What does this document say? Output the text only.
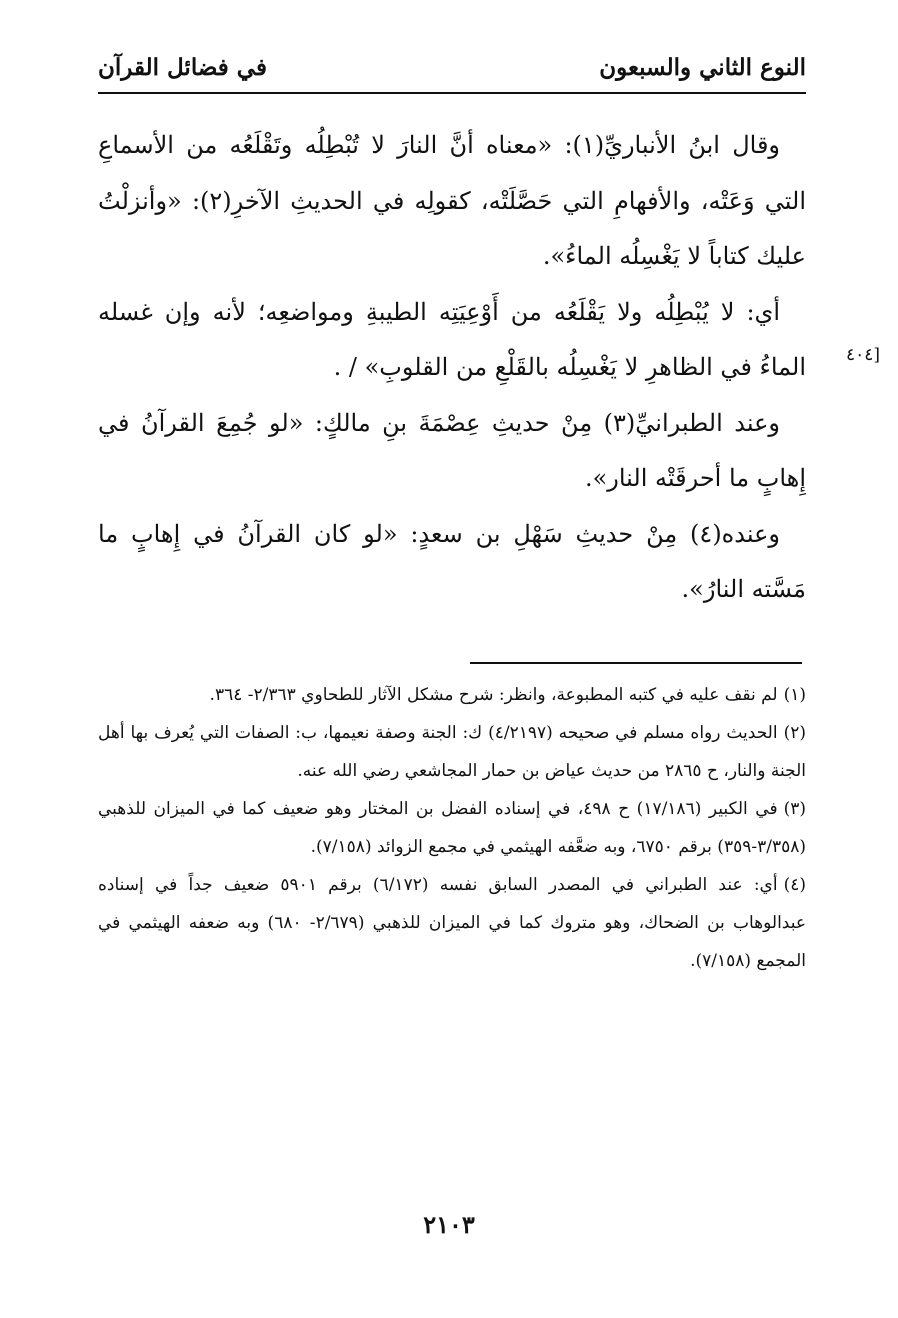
النوع الثاني والسبعون
في فضائل القرآن

وقال ابنُ الأنباريِّ(١): «معناه أنَّ النارَ لا تُبْطِلُه وتَقْلَعُه من الأسماعِ التي وَعَتْه، والأفهامِ التي حَصَّلَتْه، كقولِه في الحديثِ الآخرِ(٢): «وأنزلْتُ عليك كتاباً لا يَغْسِلُه الماءُ».

أي: لا يُبْطِلُه ولا يَقْلَعُه من أَوْعِيَتِه الطيبةِ ومواضعِه؛ لأنه وإن غسله الماءُ في الظاهرِ لا يَغْسِلُه بالقَلْعِ من القلوبِ» / .

وعند الطبرانيِّ(٣) مِنْ حديثِ عِصْمَةَ بنِ مالكٍ: «لو جُمِعَ القرآنُ في إِهابٍ ما أحرقَتْه النار».

وعنده(٤) مِنْ حديثِ سَهْلِ بن سعدٍ: «لو كان القرآنُ في إِهابٍ ما مَسَّته النارُ».

[٤٠٤

(١)لم نقف عليه في كتبه المطبوعة، وانظر: شرح مشكل الآثار للطحاوي ٢/٣٦٣- ٣٦٤.

(٢)الحديث رواه مسلم في صحيحه (٤/٢١٩٧) ك: الجنة وصفة نعيمها، ب: الصفات التي يُعرف بها أهل الجنة والنار، ح ٢٨٦٥ من حديث عياض بن حمار المجاشعي رضي الله عنه.

(٣)في الكبير (١٧/١٨٦) ح ٤٩٨، في إسناده الفضل بن المختار وهو ضعيف كما في الميزان للذهبي (٣/٣٥٨-٣٥٩) برقم ٦٧٥٠، وبه ضعَّفه الهيثمي في مجمع الزوائد (٧/١٥٨).

(٤)أي: عند الطبراني في المصدر السابق نفسه (٦/١٧٢) برقم ٥٩٠١ ضعيف جداً في إسناده عبدالوهاب بن الضحاك، وهو متروك كما في الميزان للذهبي (٢/٦٧٩- ٦٨٠) وبه ضعفه الهيثمي في المجمع (٧/١٥٨).

٢١٠٣
